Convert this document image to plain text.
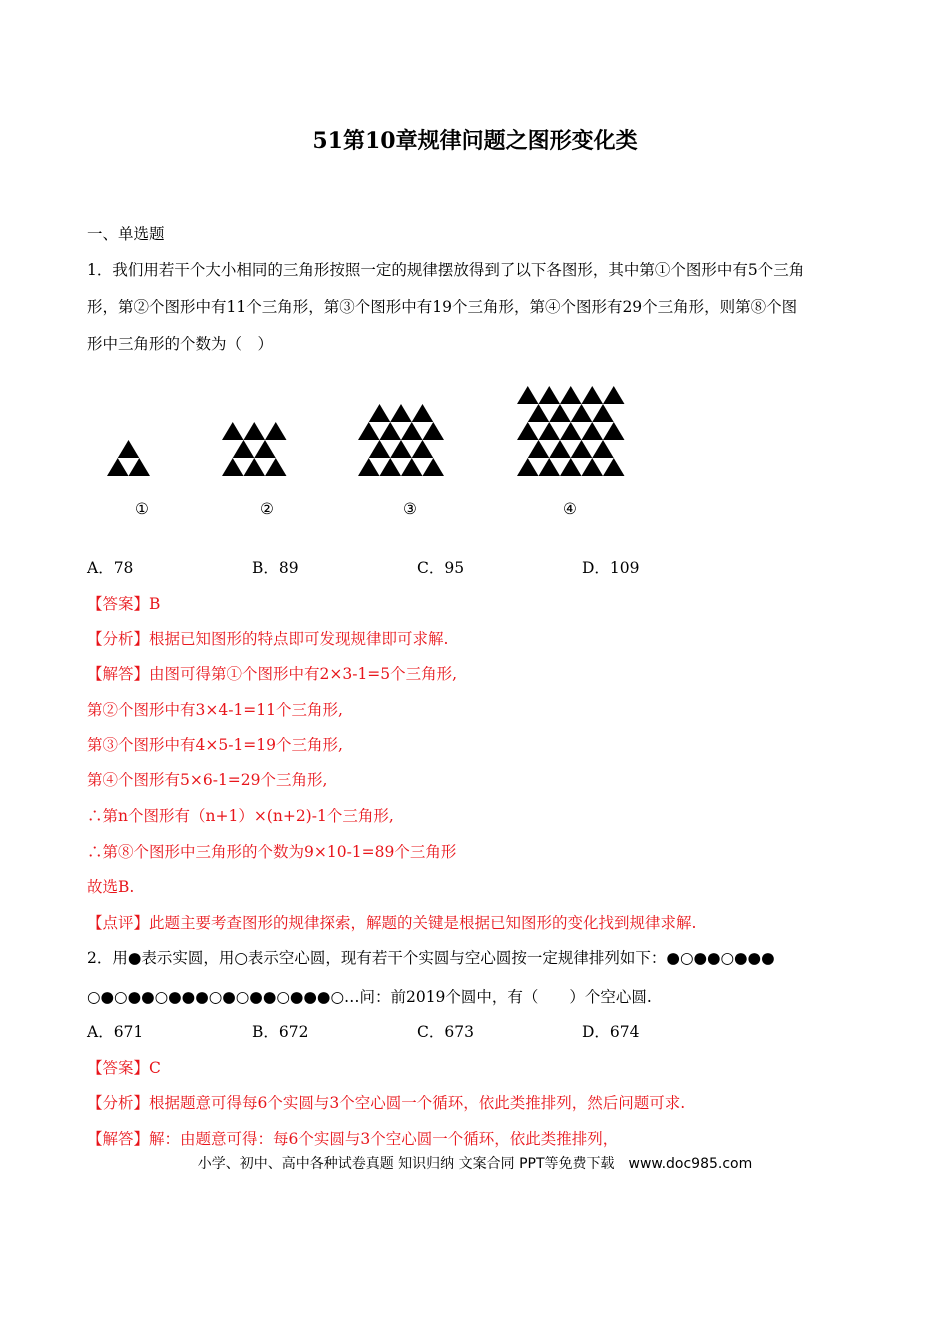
51第10章规律问题之图形变化类
一、单选题
1．我们用若干个大小相同的三角形按照一定的规律摆放得到了以下各图形，其中第①个图形中有5个三角
形，第②个图形中有11个三角形，第③个图形中有19个三角形，第④个图形有29个三角形，则第⑧个图
形中三角形的个数为（　）
①	②	③	④
A．78	B．89	C．95	D．109
【答案】B
【分析】根据已知图形的特点即可发现规律即可求解.
【解答】由图可得第①个图形中有2×3-1=5个三角形,
第②个图形中有3×4-1=11个三角形,
第③个图形中有4×5-1=19个三角形,
第④个图形有5×6-1=29个三角形,
∴第n个图形有（n+1）×(n+2)-1个三角形,
∴第⑧个图形中三角形的个数为9×10-1=89个三角形
故选B.
【点评】此题主要考查图形的规律探索，解题的关键是根据已知图形的变化找到规律求解.
2．用●表示实圆，用○表示空心圆，现有若干个实圆与空心圆按一定规律排列如下：●○●●○●●●
○●○●●○●●●○●○●●○●●●○…问：前2019个圆中，有（　　）个空心圆.
A．671	B．672	C．673	D．674
【答案】C
【分析】根据题意可得每6个实圆与3个空心圆一个循环，依此类推排列，然后问题可求.
【解答】解：由题意可得：每6个实圆与3个空心圆一个循环，依此类推排列，
小学、初中、高中各种试卷真题 知识归纳 文案合同 PPT等免费下载　www.doc985.com
